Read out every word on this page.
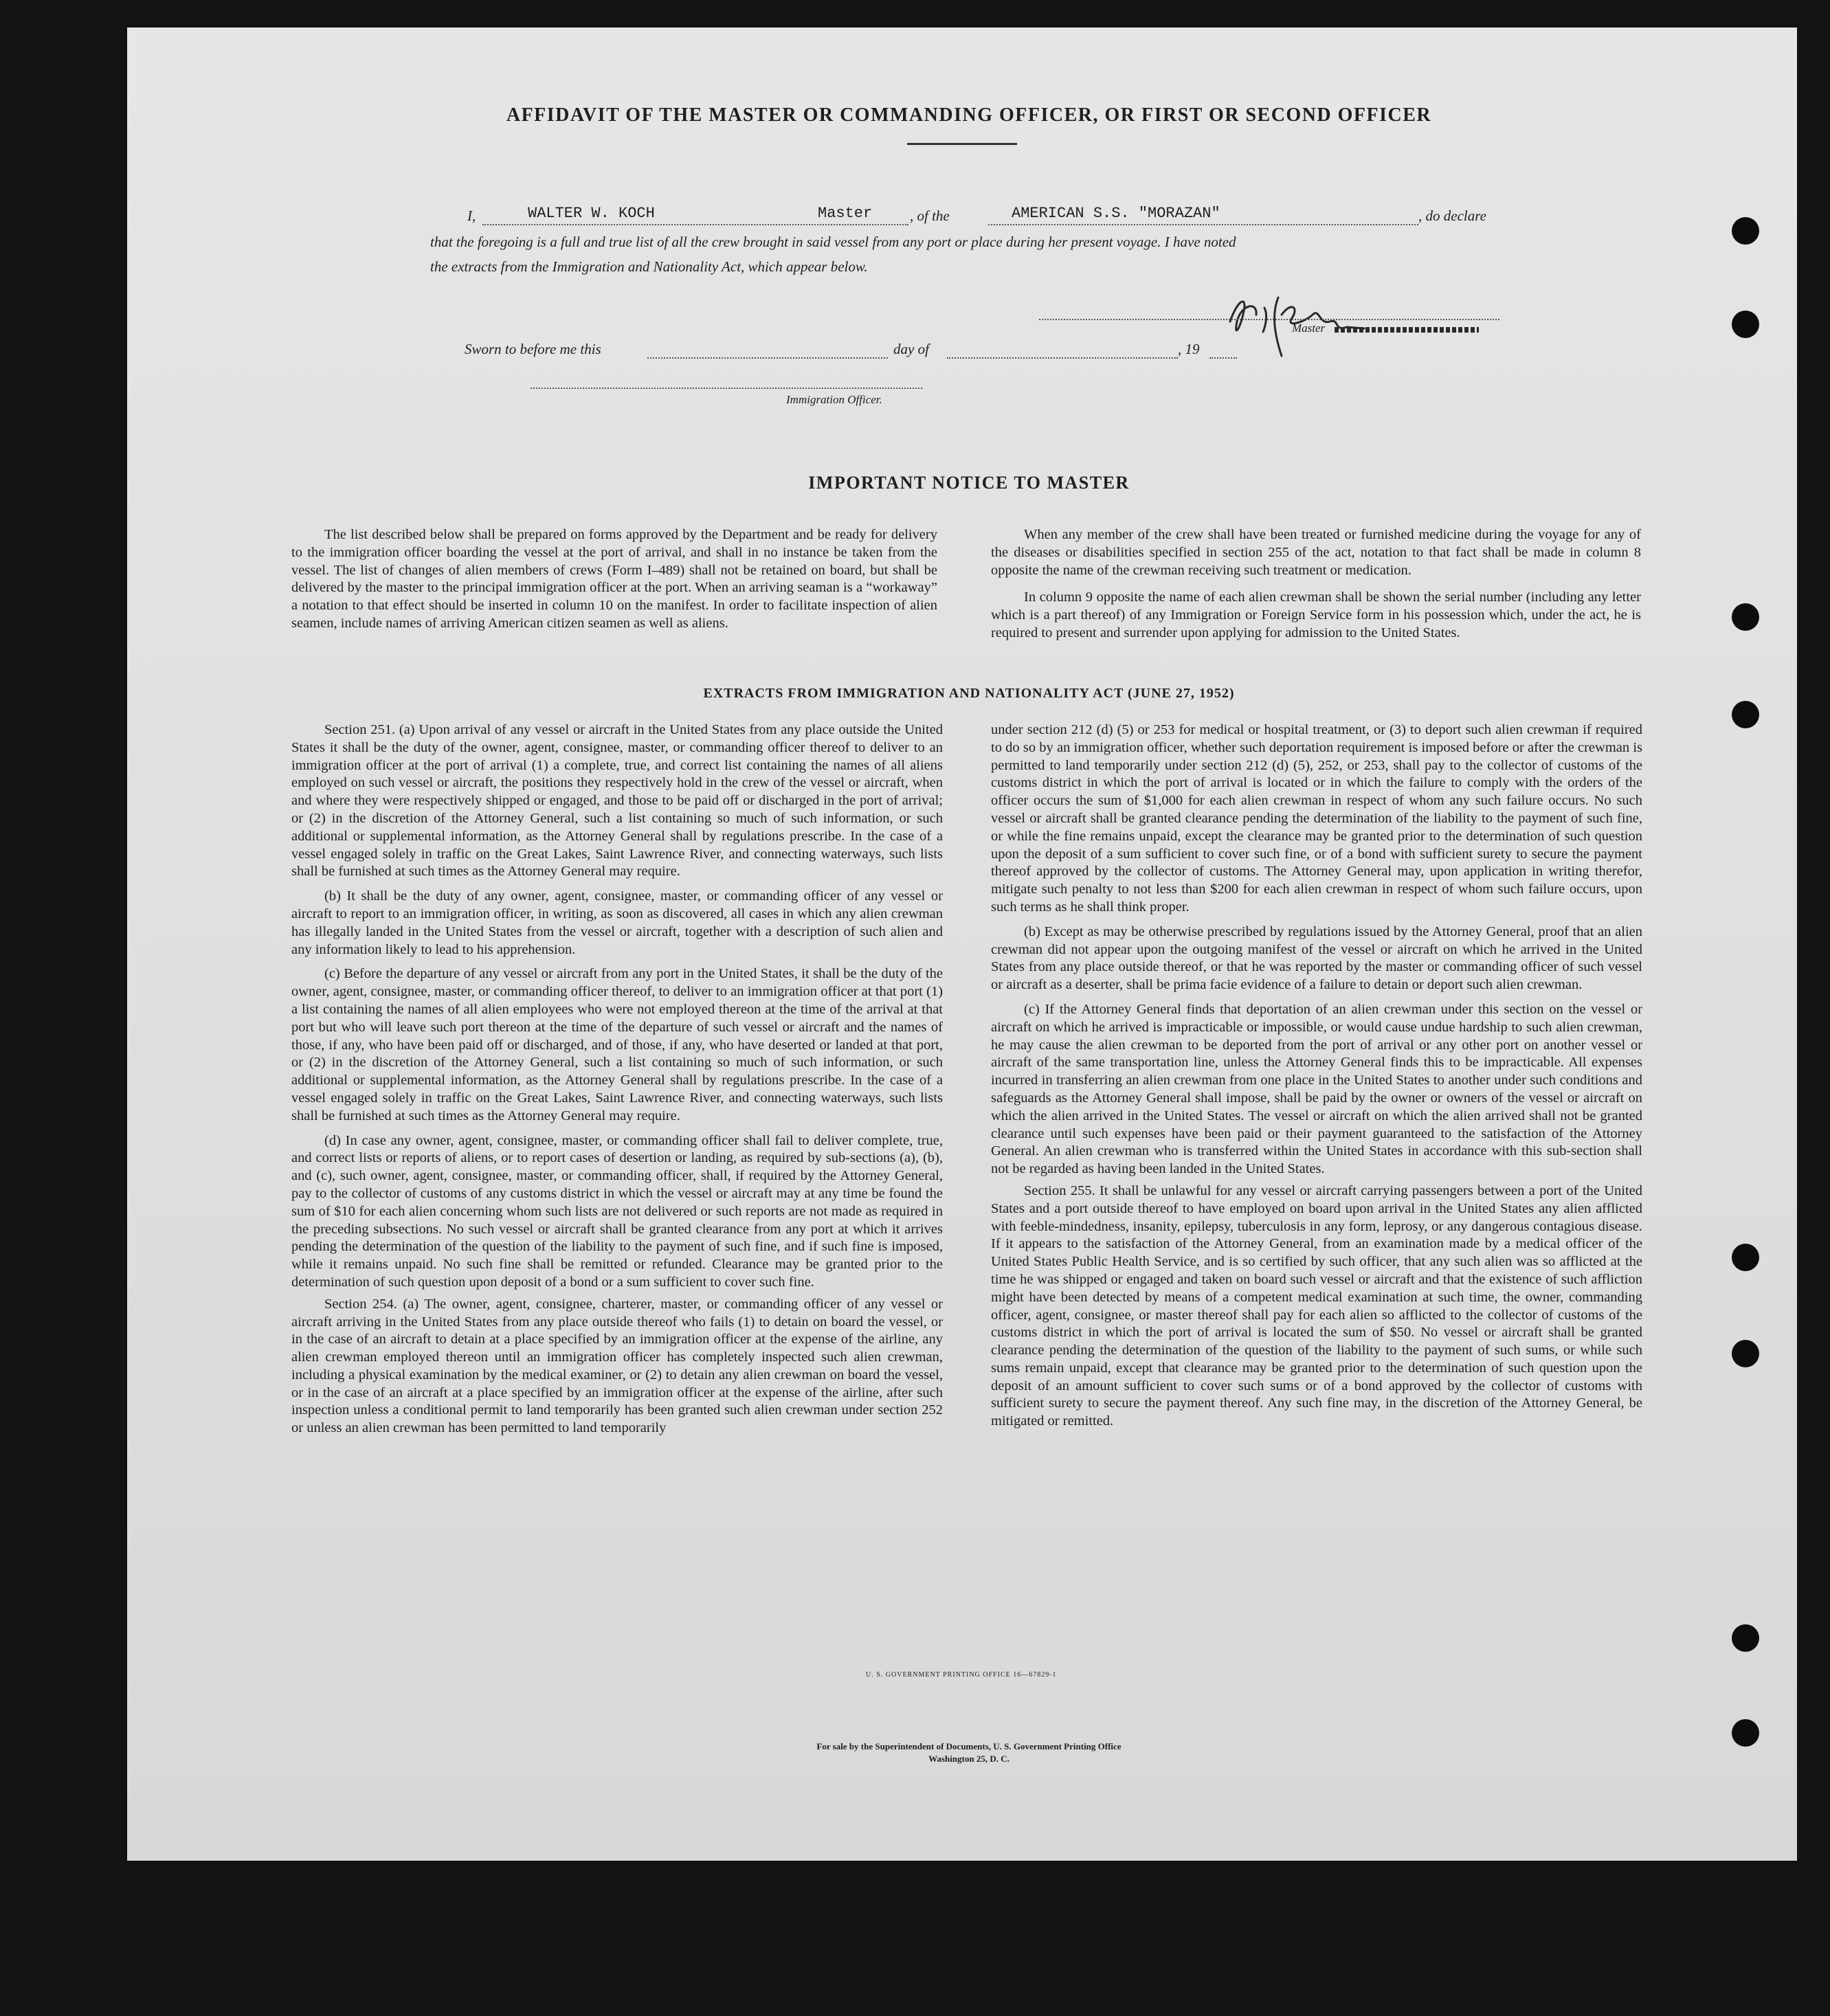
AFFIDAVIT OF THE MASTER OR COMMANDING OFFICER, OR FIRST OR SECOND OFFICER
I,	WALTER W. KOCH	Master	, of the	AMERICAN S.S. "MORAZAN"	, do declare
that the foregoing is a full and true list of all the crew brought in said vessel from any port or place during her present voyage. I have noted
the extracts from the Immigration and Nationality Act, which appear below.
Master
Sworn to before me this	day of	, 19
Immigration Officer.
IMPORTANT NOTICE TO MASTER

The list described below shall be prepared on forms approved by the Department and be ready for delivery to the immigration officer boarding the vessel at the port of arrival, and shall in no instance be taken from the vessel. The list of changes of alien members of crews (Form I–489) shall not be retained on board, but shall be delivered by the master to the principal immigration officer at the port. When an arriving seaman is a “workaway” a notation to that effect should be inserted in column 10 on the manifest. In order to facilitate inspection of alien seamen, include names of arriving American citizen seamen as well as aliens.

When any member of the crew shall have been treated or furnished medicine during the voyage for any of the diseases or disabilities specified in section 255 of the act, notation to that fact shall be made in column 8 opposite the name of the crewman receiving such treatment or medication.

In column 9 opposite the name of each alien crewman shall be shown the serial number (including any letter which is a part thereof) of any Immigration or Foreign Service form in his possession which, under the act, he is required to present and surrender upon applying for admission to the United States.

EXTRACTS FROM IMMIGRATION AND NATIONALITY ACT (JUNE 27, 1952)

Section 251. (a) Upon arrival of any vessel or aircraft in the United States from any place outside the United States it shall be the duty of the owner, agent, consignee, master, or commanding officer thereof to deliver to an immigration officer at the port of arrival (1) a complete, true, and correct list containing the names of all aliens employed on such vessel or aircraft, the positions they respectively hold in the crew of the vessel or aircraft, when and where they were respectively shipped or engaged, and those to be paid off or discharged in the port of arrival; or (2) in the discretion of the Attorney General, such a list containing so much of such information, or such additional or supplemental information, as the Attorney General shall by regulations prescribe. In the case of a vessel engaged solely in traffic on the Great Lakes, Saint Lawrence River, and connecting waterways, such lists shall be furnished at such times as the Attorney General may require.

(b) It shall be the duty of any owner, agent, consignee, master, or commanding officer of any vessel or aircraft to report to an immigration officer, in writing, as soon as discovered, all cases in which any alien crewman has illegally landed in the United States from the vessel or aircraft, together with a description of such alien and any information likely to lead to his apprehension.

(c) Before the departure of any vessel or aircraft from any port in the United States, it shall be the duty of the owner, agent, consignee, master, or commanding officer thereof, to deliver to an immigration officer at that port (1) a list containing the names of all alien employees who were not employed thereon at the time of the arrival at that port but who will leave such port thereon at the time of the departure of such vessel or aircraft and the names of those, if any, who have been paid off or discharged, and of those, if any, who have deserted or landed at that port, or (2) in the discretion of the Attorney General, such a list containing so much of such information, or such additional or supplemental information, as the Attorney General shall by regulations prescribe. In the case of a vessel engaged solely in traffic on the Great Lakes, Saint Lawrence River, and connecting waterways, such lists shall be furnished at such times as the Attorney General may require.

(d) In case any owner, agent, consignee, master, or commanding officer shall fail to deliver complete, true, and correct lists or reports of aliens, or to report cases of desertion or landing, as required by sub-sections (a), (b), and (c), such owner, agent, consignee, master, or commanding officer, shall, if required by the Attorney General, pay to the collector of customs of any customs district in which the vessel or aircraft may at any time be found the sum of $10 for each alien concerning whom such lists are not delivered or such reports are not made as required in the preceding subsections. No such vessel or aircraft shall be granted clearance from any port at which it arrives pending the determination of the question of the liability to the payment of such fine, and if such fine is imposed, while it remains unpaid. No such fine shall be remitted or refunded. Clearance may be granted prior to the determination of such question upon deposit of a bond or a sum sufficient to cover such fine.

Section 254. (a) The owner, agent, consignee, charterer, master, or commanding officer of any vessel or aircraft arriving in the United States from any place outside thereof who fails (1) to detain on board the vessel, or in the case of an aircraft to detain at a place specified by an immigration officer at the expense of the airline, any alien crewman employed thereon until an immigration officer has completely inspected such alien crewman, including a physical examination by the medical examiner, or (2) to detain any alien crewman on board the vessel, or in the case of an aircraft at a place specified by an immigration officer at the expense of the airline, after such inspection unless a conditional permit to land temporarily has been granted such alien crewman under section 252 or unless an alien crewman has been permitted to land temporarily

under section 212 (d) (5) or 253 for medical or hospital treatment, or (3) to deport such alien crewman if required to do so by an immigration officer, whether such deportation requirement is imposed before or after the crewman is permitted to land temporarily under section 212 (d) (5), 252, or 253, shall pay to the collector of customs of the customs district in which the port of arrival is located or in which the failure to comply with the orders of the officer occurs the sum of $1,000 for each alien crewman in respect of whom any such failure occurs. No such vessel or aircraft shall be granted clearance pending the determination of the liability to the payment of such fine, or while the fine remains unpaid, except the clearance may be granted prior to the determination of such question upon the deposit of a sum sufficient to cover such fine, or of a bond with sufficient surety to secure the payment thereof approved by the collector of customs. The Attorney General may, upon application in writing therefor, mitigate such penalty to not less than $200 for each alien crewman in respect of whom such failure occurs, upon such terms as he shall think proper.

(b) Except as may be otherwise prescribed by regulations issued by the Attorney General, proof that an alien crewman did not appear upon the outgoing manifest of the vessel or aircraft on which he arrived in the United States from any place outside thereof, or that he was reported by the master or commanding officer of such vessel or aircraft as a deserter, shall be prima facie evidence of a failure to detain or deport such alien crewman.

(c) If the Attorney General finds that deportation of an alien crewman under this section on the vessel or aircraft on which he arrived is impracticable or impossible, or would cause undue hardship to such alien crewman, he may cause the alien crewman to be deported from the port of arrival or any other port on another vessel or aircraft of the same transportation line, unless the Attorney General finds this to be impracticable. All expenses incurred in transferring an alien crewman from one place in the United States to another under such conditions and safeguards as the Attorney General shall impose, shall be paid by the owner or owners of the vessel or aircraft on which the alien arrived in the United States. The vessel or aircraft on which the alien arrived shall not be granted clearance until such expenses have been paid or their payment guaranteed to the satisfaction of the Attorney General. An alien crewman who is transferred within the United States in accordance with this sub-section shall not be regarded as having been landed in the United States.

Section 255. It shall be unlawful for any vessel or aircraft carrying passengers between a port of the United States and a port outside thereof to have employed on board upon arrival in the United States any alien afflicted with feeble-mindedness, insanity, epilepsy, tuberculosis in any form, leprosy, or any dangerous contagious disease. If it appears to the satisfaction of the Attorney General, from an examination made by a medical officer of the United States Public Health Service, and is so certified by such officer, that any such alien was so afflicted at the time he was shipped or engaged and taken on board such vessel or aircraft and that the existence of such affliction might have been detected by means of a competent medical examination at such time, the owner, commanding officer, agent, consignee, or master thereof shall pay for each alien so afflicted to the collector of customs of the customs district in which the port of arrival is located the sum of $50. No vessel or aircraft shall be granted clearance pending the determination of the question of the liability to the payment of such sums, or while such sums remain unpaid, except that clearance may be granted prior to the determination of such question upon the deposit of an amount sufficient to cover such sums or of a bond approved by the collector of customs with sufficient surety to secure the payment thereof. Any such fine may, in the discretion of the Attorney General, be mitigated or remitted.

U. S. GOVERNMENT PRINTING OFFICE 16—67829-1
For sale by the Superintendent of Documents, U. S. Government Printing Office
Washington 25, D. C.
